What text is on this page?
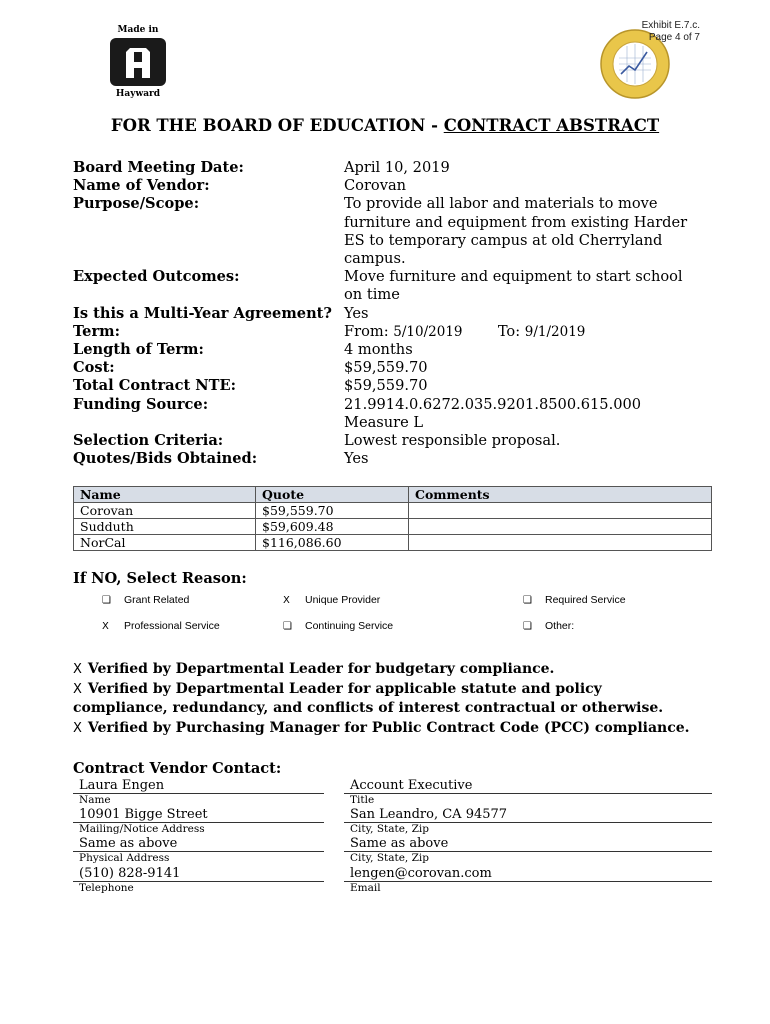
Made in
Hayward
Exhibit E.7.c.
Page 4 of 7
FOR THE BOARD OF EDUCATION - CONTRACT ABSTRACT
Board Meeting Date:	April 10, 2019
Name of Vendor:	Corovan
Purpose/Scope:	To provide all labor and materials to move
furniture and equipment from existing Harder
ES to temporary campus at old Cherryland
campus.
Expected Outcomes:	Move furniture and equipment to start school
on time
Is this a Multi-Year Agreement? Yes
Term:	From: 5/10/2019 To: 9/1/2019
Length of Term:	4 months
Cost:	$59,559.70
Total Contract NTE:	$59,559.70
Funding Source:	21.9914.0.6272.035.9201.8500.615.000
Measure L
Selection Criteria:	Lowest responsible proposal.
Quotes/Bids Obtained:	Yes
Name	Quote	Comments
Corovan	$59,559.70	
Sudduth	$59,609.48	
NorCal	$116,086.60	
If NO, Select Reason:
❏ Grant Related	X Unique Provider	❏ Required Service
X Professional Service	❏ Continuing Service	❏ Other:
X Verified by Departmental Leader for budgetary compliance.
X Verified by Departmental Leader for applicable statute and policy
compliance, redundancy, and conflicts of interest contractual or otherwise.
X Verified by Purchasing Manager for Public Contract Code (PCC) compliance.
Contract Vendor Contact:
Laura Engen	Account Executive
Name	Title
10901 Bigge Street	San Leandro, CA 94577
Mailing/Notice Address	City, State, Zip
Same as above	Same as above
Physical Address	City, State, Zip
(510) 828-9141	lengen@corovan.com
Telephone	Email
